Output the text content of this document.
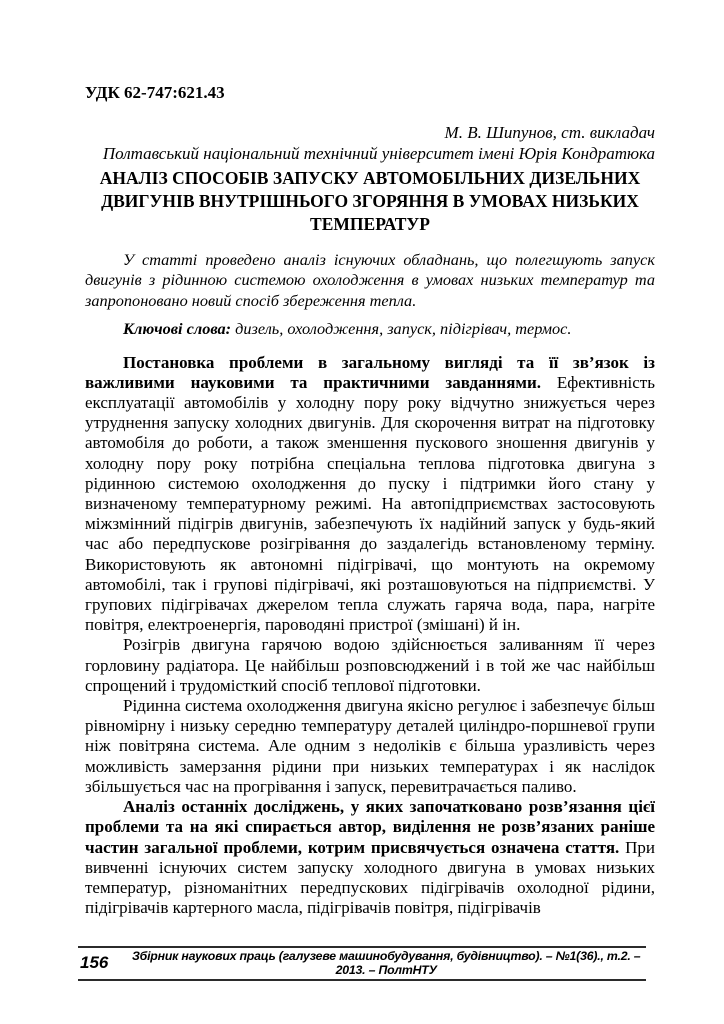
УДК 62-747:621.43
М. В. Шипунов, ст. викладач
Полтавський національний технічний університет імені Юрія Кондратюка
АНАЛІЗ СПОСОБІВ ЗАПУСКУ АВТОМОБІЛЬНИХ ДИЗЕЛЬНИХ ДВИГУНІВ ВНУТРІШНЬОГО ЗГОРЯННЯ В УМОВАХ НИЗЬКИХ ТЕМПЕРАТУР

У статті проведено аналіз існуючих обладнань, що полегшують запуск двигунів з рідинною системою охолодження в умовах низьких температур та запропоновано новий спосіб збереження тепла.

Ключові слова: дизель, охолодження, запуск, підігрівач, термос.

Постановка проблеми в загальному вигляді та її зв’язок із важливими науковими та практичними завданнями. Ефективність експлуатації автомобілів у холодну пору року відчутно знижується через утруднення запуску холодних двигунів. Для скорочення витрат на підготовку автомобіля до роботи, а також зменшення пускового зношення двигунів у холодну пору року потрібна спеціальна теплова підготовка двигуна з рідинною системою охолодження до пуску і підтримки його стану у визначеному температурному режимі. На автопідприємствах застосовують міжзмінний підігрів двигунів, забезпечують їх надійний запуск у будь-який час або передпускове розігрівання до заздалегідь встановленому терміну. Використовують як автономні підігрівачі, що монтують на окремому автомобілі, так і групові підігрівачі, які розташовуються на підприємстві. У групових підігрівачах джерелом тепла служать гаряча вода, пара, нагріте повітря, електроенергія, пароводяні пристрої (змішані) й ін.

Розігрів двигуна гарячою водою здійснюється заливанням її через горловину радіатора. Це найбільш розповсюджений і в той же час найбільш спрощений і трудомісткий спосіб теплової підготовки.

Рідинна система охолодження двигуна якісно регулює і забезпечує більш рівномірну і низьку середню температуру деталей циліндро-поршневої групи ніж повітряна система. Але одним з недоліків є більша уразливість через можливість замерзання рідини при низьких температурах і як наслідок збільшується час на прогрівання і запуск, перевитрачається паливо.

Аналіз останніх досліджень, у яких започатковано розв’язання цієї проблеми та на які спирається автор, виділення не розв’язаних раніше частин загальної проблеми, котрим присвячується означена стаття. При вивченні існуючих систем запуску холодного двигуна в умовах низьких температур, різноманітних передпускових підігрівачів охолодної рідини, підігрівачів картерного масла, підігрівачів повітря, підігрівачів

156	Збірник наукових праць (галузеве машинобудування, будівництво). – №1(36)., т.2. – 2013. – ПолтНТУ
